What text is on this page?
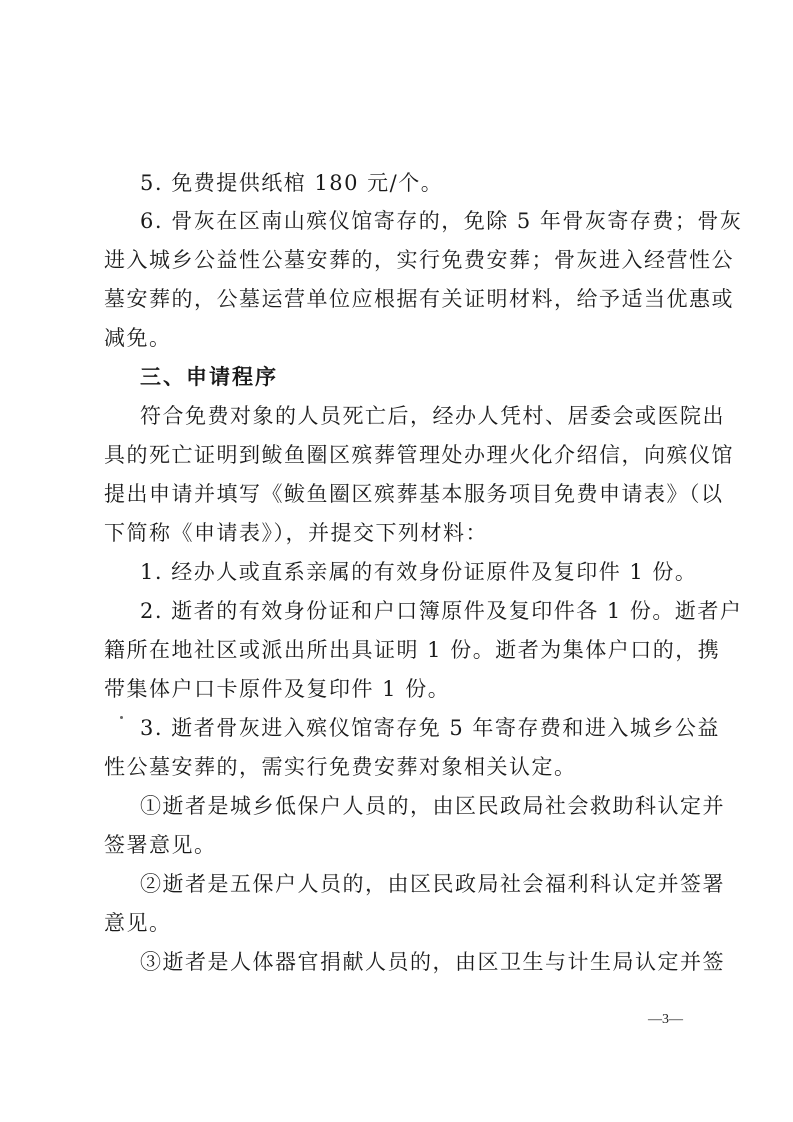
5. 免费提供纸棺 180 元/个。
6. 骨灰在区南山殡仪馆寄存的，免除 5 年骨灰寄存费；骨灰
进入城乡公益性公墓安葬的，实行免费安葬；骨灰进入经营性公
墓安葬的，公墓运营单位应根据有关证明材料，给予适当优惠或
减免。
三、申请程序
符合免费对象的人员死亡后，经办人凭村、居委会或医院出
具的死亡证明到鲅鱼圈区殡葬管理处办理火化介绍信，向殡仪馆
提出申请并填写《鲅鱼圈区殡葬基本服务项目免费申请表》（以
下简称《申请表》），并提交下列材料：
1. 经办人或直系亲属的有效身份证原件及复印件 1 份。
2. 逝者的有效身份证和户口簿原件及复印件各 1 份。逝者户
籍所在地社区或派出所出具证明 1 份。逝者为集体户口的，携
带集体户口卡原件及复印件 1 份。
3. 逝者骨灰进入殡仪馆寄存免 5 年寄存费和进入城乡公益
性公墓安葬的，需实行免费安葬对象相关认定。
①逝者是城乡低保户人员的，由区民政局社会救助科认定并
签署意见。
②逝者是五保户人员的，由区民政局社会福利科认定并签署
意见。
③逝者是人体器官捐献人员的，由区卫生与计生局认定并签
—3—
